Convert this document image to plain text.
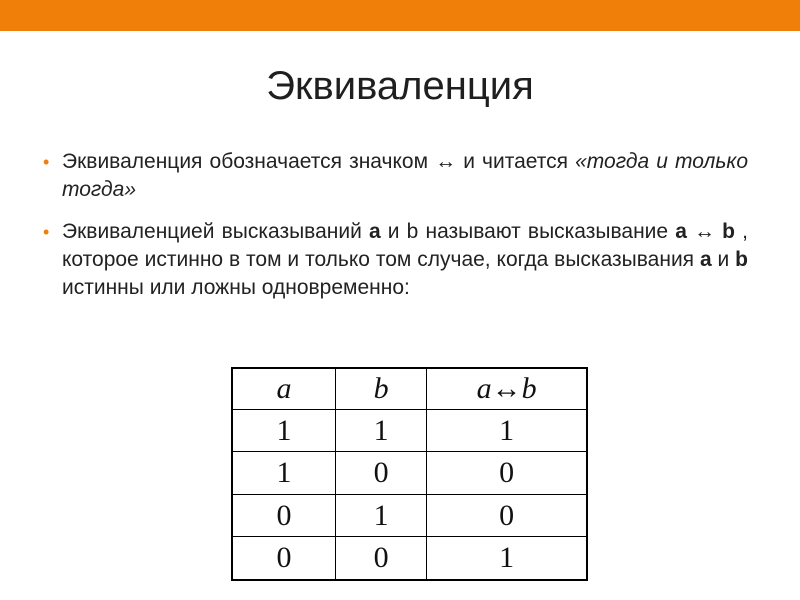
Эквиваленция
• Эквиваленция обозначается значком ↔ и читается «тогда и только тогда»
• Эквиваленцией высказываний a и b называют высказывание a ↔ b , которое истинно в том и только том случае, когда высказывания a и b истинны или ложны одновременно:
a	b	a↔b
1	1	1
1	0	0
0	1	0
0	0	1
